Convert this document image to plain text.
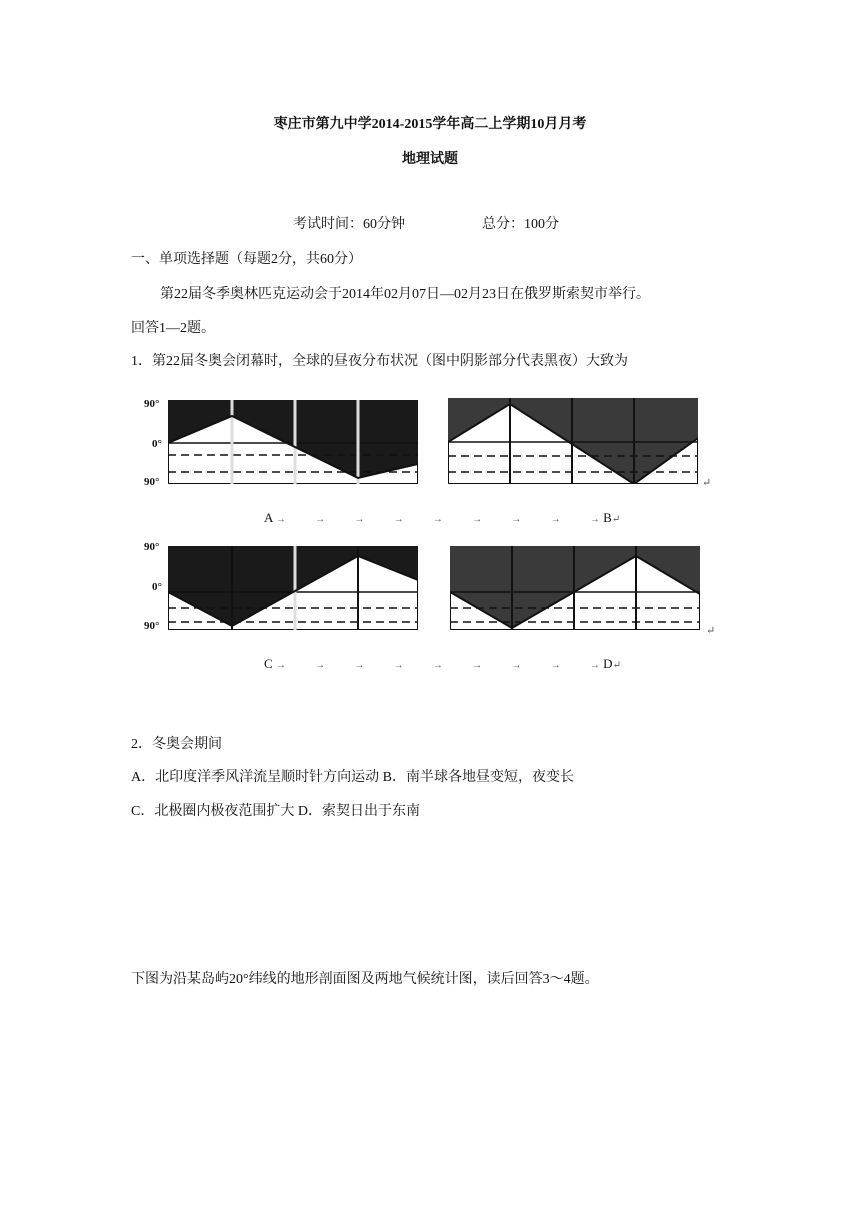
枣庄市第九中学2014-2015学年高二上学期10月月考
地理试题
考试时间：60分钟	总分：100分
一、单项选择题（每题2分，共60分）
第22届冬季奥林匹克运动会于2014年02月07日—02月23日在俄罗斯索契市举行。
回答1—2题。
1．第22届冬奥会闭幕时，全球的昼夜分布状况（图中阴影部分代表黑夜）大致为
90°
0°
90°
90°
0°
90°
↵
A →   	→   	→   	→   	→   	→   	→   	→   	→ B↵
↵
C →   	→   	→   	→   	→   	→   	→   	→   	→ D↵
2．冬奥会期间
A．北印度洋季风洋流呈顺时针方向运动 B．南半球各地昼变短，夜变长
C．北极圈内极夜范围扩大 D．索契日出于东南
下图为沿某岛屿20°纬线的地形剖面图及两地气候统计图，读后回答3～4题。
